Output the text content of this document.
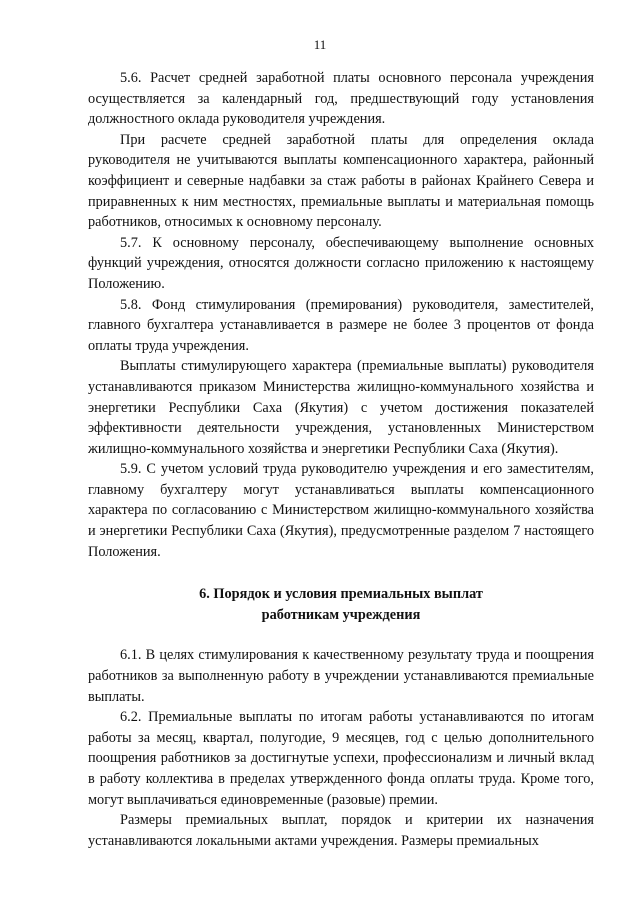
11

5.6. Расчет средней заработной платы основного персонала учреждения осуществляется за календарный год, предшествующий году установления должностного оклада руководителя учреждения.

При расчете средней заработной платы для определения оклада руководителя не учитываются выплаты компенсационного характера, районный коэффициент и северные надбавки за стаж работы в районах Крайнего Севера и приравненных к ним местностях, премиальные выплаты и материальная помощь работников, относимых к основному персоналу.

5.7. К основному персоналу, обеспечивающему выполнение основных функций учреждения, относятся должности согласно приложению к настоящему Положению.

5.8. Фонд стимулирования (премирования) руководителя, заместителей, главного бухгалтера устанавливается в размере не более 3 процентов от фонда оплаты труда учреждения.

Выплаты стимулирующего характера (премиальные выплаты) руководителя устанавливаются приказом Министерства жилищно-коммунального хозяйства и энергетики Республики Саха (Якутия) с учетом достижения показателей эффективности деятельности учреждения, установленных Министерством жилищно-коммунального хозяйства и энергетики Республики Саха (Якутия).

5.9. С учетом условий труда руководителю учреждения и его заместителям, главному бухгалтеру могут устанавливаться выплаты компенсационного характера по согласованию с Министерством жилищно-коммунального хозяйства и энергетики Республики Саха (Якутия), предусмотренные разделом 7 настоящего Положения.

6. Порядок и условия премиальных выплат

работникам учреждения

6.1. В целях стимулирования к качественному результату труда и поощрения работников за выполненную работу в учреждении устанавливаются премиальные выплаты.

6.2. Премиальные выплаты по итогам работы устанавливаются по итогам работы за месяц, квартал, полугодие, 9 месяцев, год с целью дополнительного поощрения работников за достигнутые успехи, профессионализм и личный вклад в работу коллектива в пределах утвержденного фонда оплаты труда. Кроме того, могут выплачиваться единовременные (разовые) премии.

Размеры премиальных выплат, порядок и критерии их назначения устанавливаются локальными актами учреждения. Размеры премиальных
